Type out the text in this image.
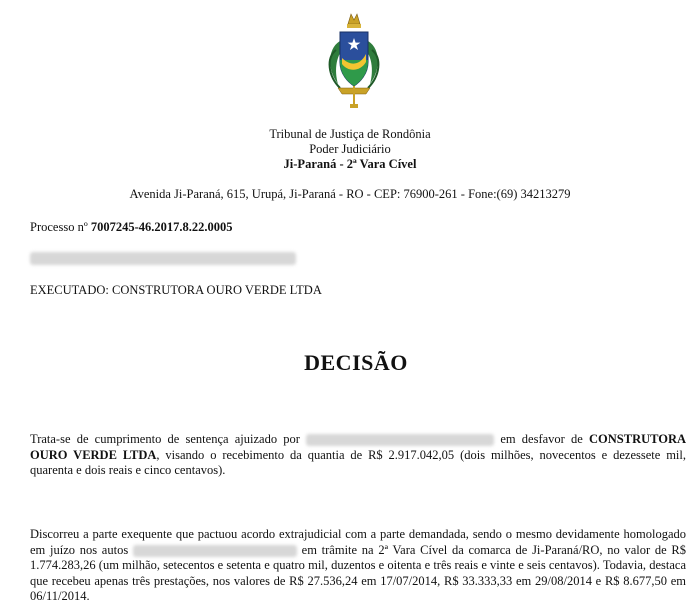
Tribunal de Justiça de Rondônia
Poder Judiciário
Ji-Paraná - 2ª Vara Cível
Avenida Ji-Paraná, 615, Urupá, Ji-Paraná - RO - CEP: 76900-261 - Fone:(69) 34213279
Processo nº 7007245-46.2017.8.22.0005
EXECUTADO: CONSTRUTORA OURO VERDE LTDA
DECISÃO
Trata-se de cumprimento de sentença ajuizado por	em desfavor de CONSTRUTORA OURO VERDE LTDA, visando o recebimento da quantia de R$ 2.917.042,05 (dois milhões, novecentos e dezessete mil, quarenta e dois reais e cinco centavos).
Discorreu a parte exequente que pactuou acordo extrajudicial com a parte demandada, sendo o mesmo devidamente homologado em juízo nos autos	em trâmite na 2ª Vara Cível da comarca de Ji-Paraná/RO, no valor de R$ 1.774.283,26 (um milhão, setecentos e setenta e quatro mil, duzentos e oitenta e três reais e vinte e seis centavos). Todavia, destaca que recebeu apenas três prestações, nos valores de R$ 27.536,24 em 17/07/2014, R$ 33.333,33 em 29/08/2014 e R$ 8.677,50 em 06/11/2014.
